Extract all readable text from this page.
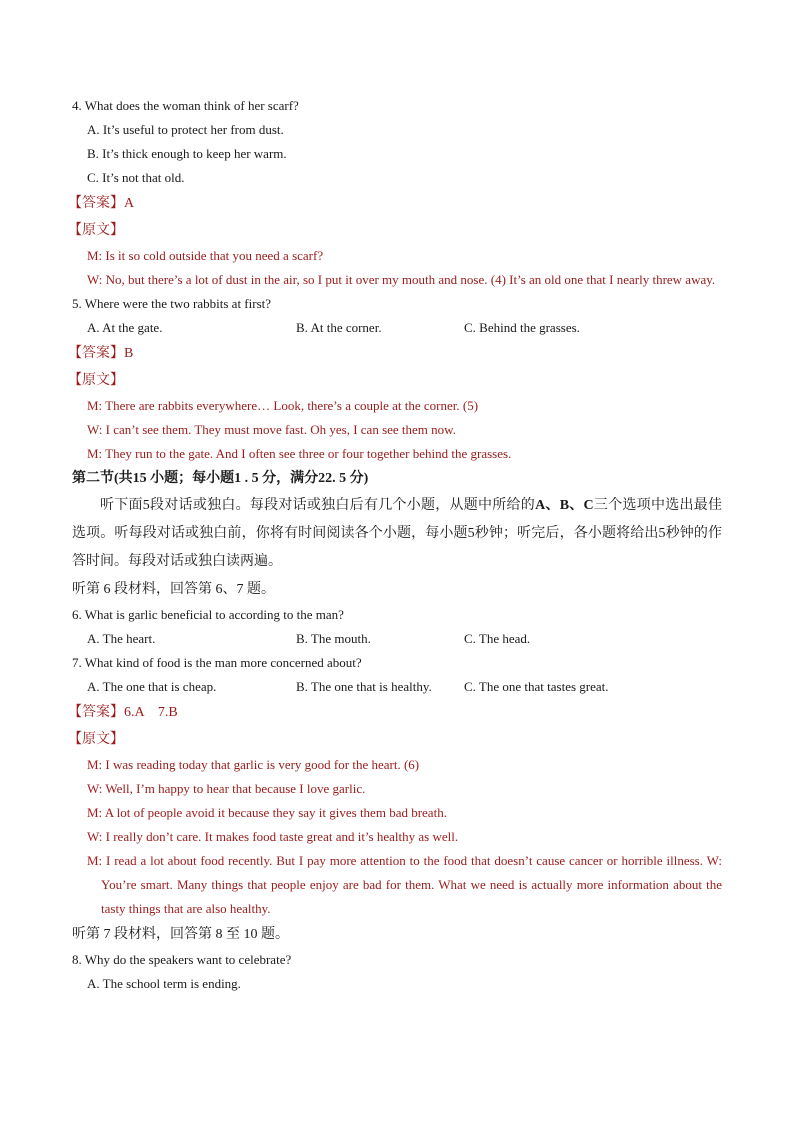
4. What does the woman think of her scarf?
A. It’s useful to protect her from dust.
B. It’s thick enough to keep her warm.
C. It’s not that old.
【答案】A
【原文】
M: Is it so cold outside that you need a scarf?
W: No, but there’s a lot of dust in the air, so I put it over my mouth and nose. (4) It’s an old one that I nearly threw away.
5. Where were the two rabbits at first?
A. At the gate.	B. At the corner.	C. Behind the grasses.
【答案】B
【原文】
M: There are rabbits everywhere… Look, there’s a couple at the corner. (5)
W: I can’t see them. They must move fast. Oh yes, I can see them now.
M: They run to the gate. And I often see three or four together behind the grasses.
第二节(共15 小题；每小题1 . 5 分，满分22. 5 分)
听下面5段对话或独白。每段对话或独白后有几个小题，从题中所给的A、B、C三个选项中选出最佳选项。听每段对话或独白前，你将有时间阅读各个小题，每小题5秒钟；听完后，各小题将给出5秒钟的作答时间。每段对话或独白读两遍。
听第 6 段材料，回答第 6、7 题。
6. What is garlic beneficial to according to the man?
A. The heart.	B. The mouth.	C. The head.
7. What kind of food is the man more concerned about?
A. The one that is cheap.	B. The one that is healthy.	C. The one that tastes great.
【答案】6.A    7.B
【原文】
M: I was reading today that garlic is very good for the heart. (6)
W: Well, I’m happy to hear that because I love garlic.
M: A lot of people avoid it because they say it gives them bad breath.
W: I really don’t care. It makes food taste great and it’s healthy as well.
M: I read a lot about food recently. But I pay more attention to the food that doesn’t cause cancer or horrible illness. W: You’re smart. Many things that people enjoy are bad for them. What we need is actually more information about the tasty things that are also healthy.
听第 7 段材料，回答第 8 至 10 题。
8. Why do the speakers want to celebrate?
A. The school term is ending.
